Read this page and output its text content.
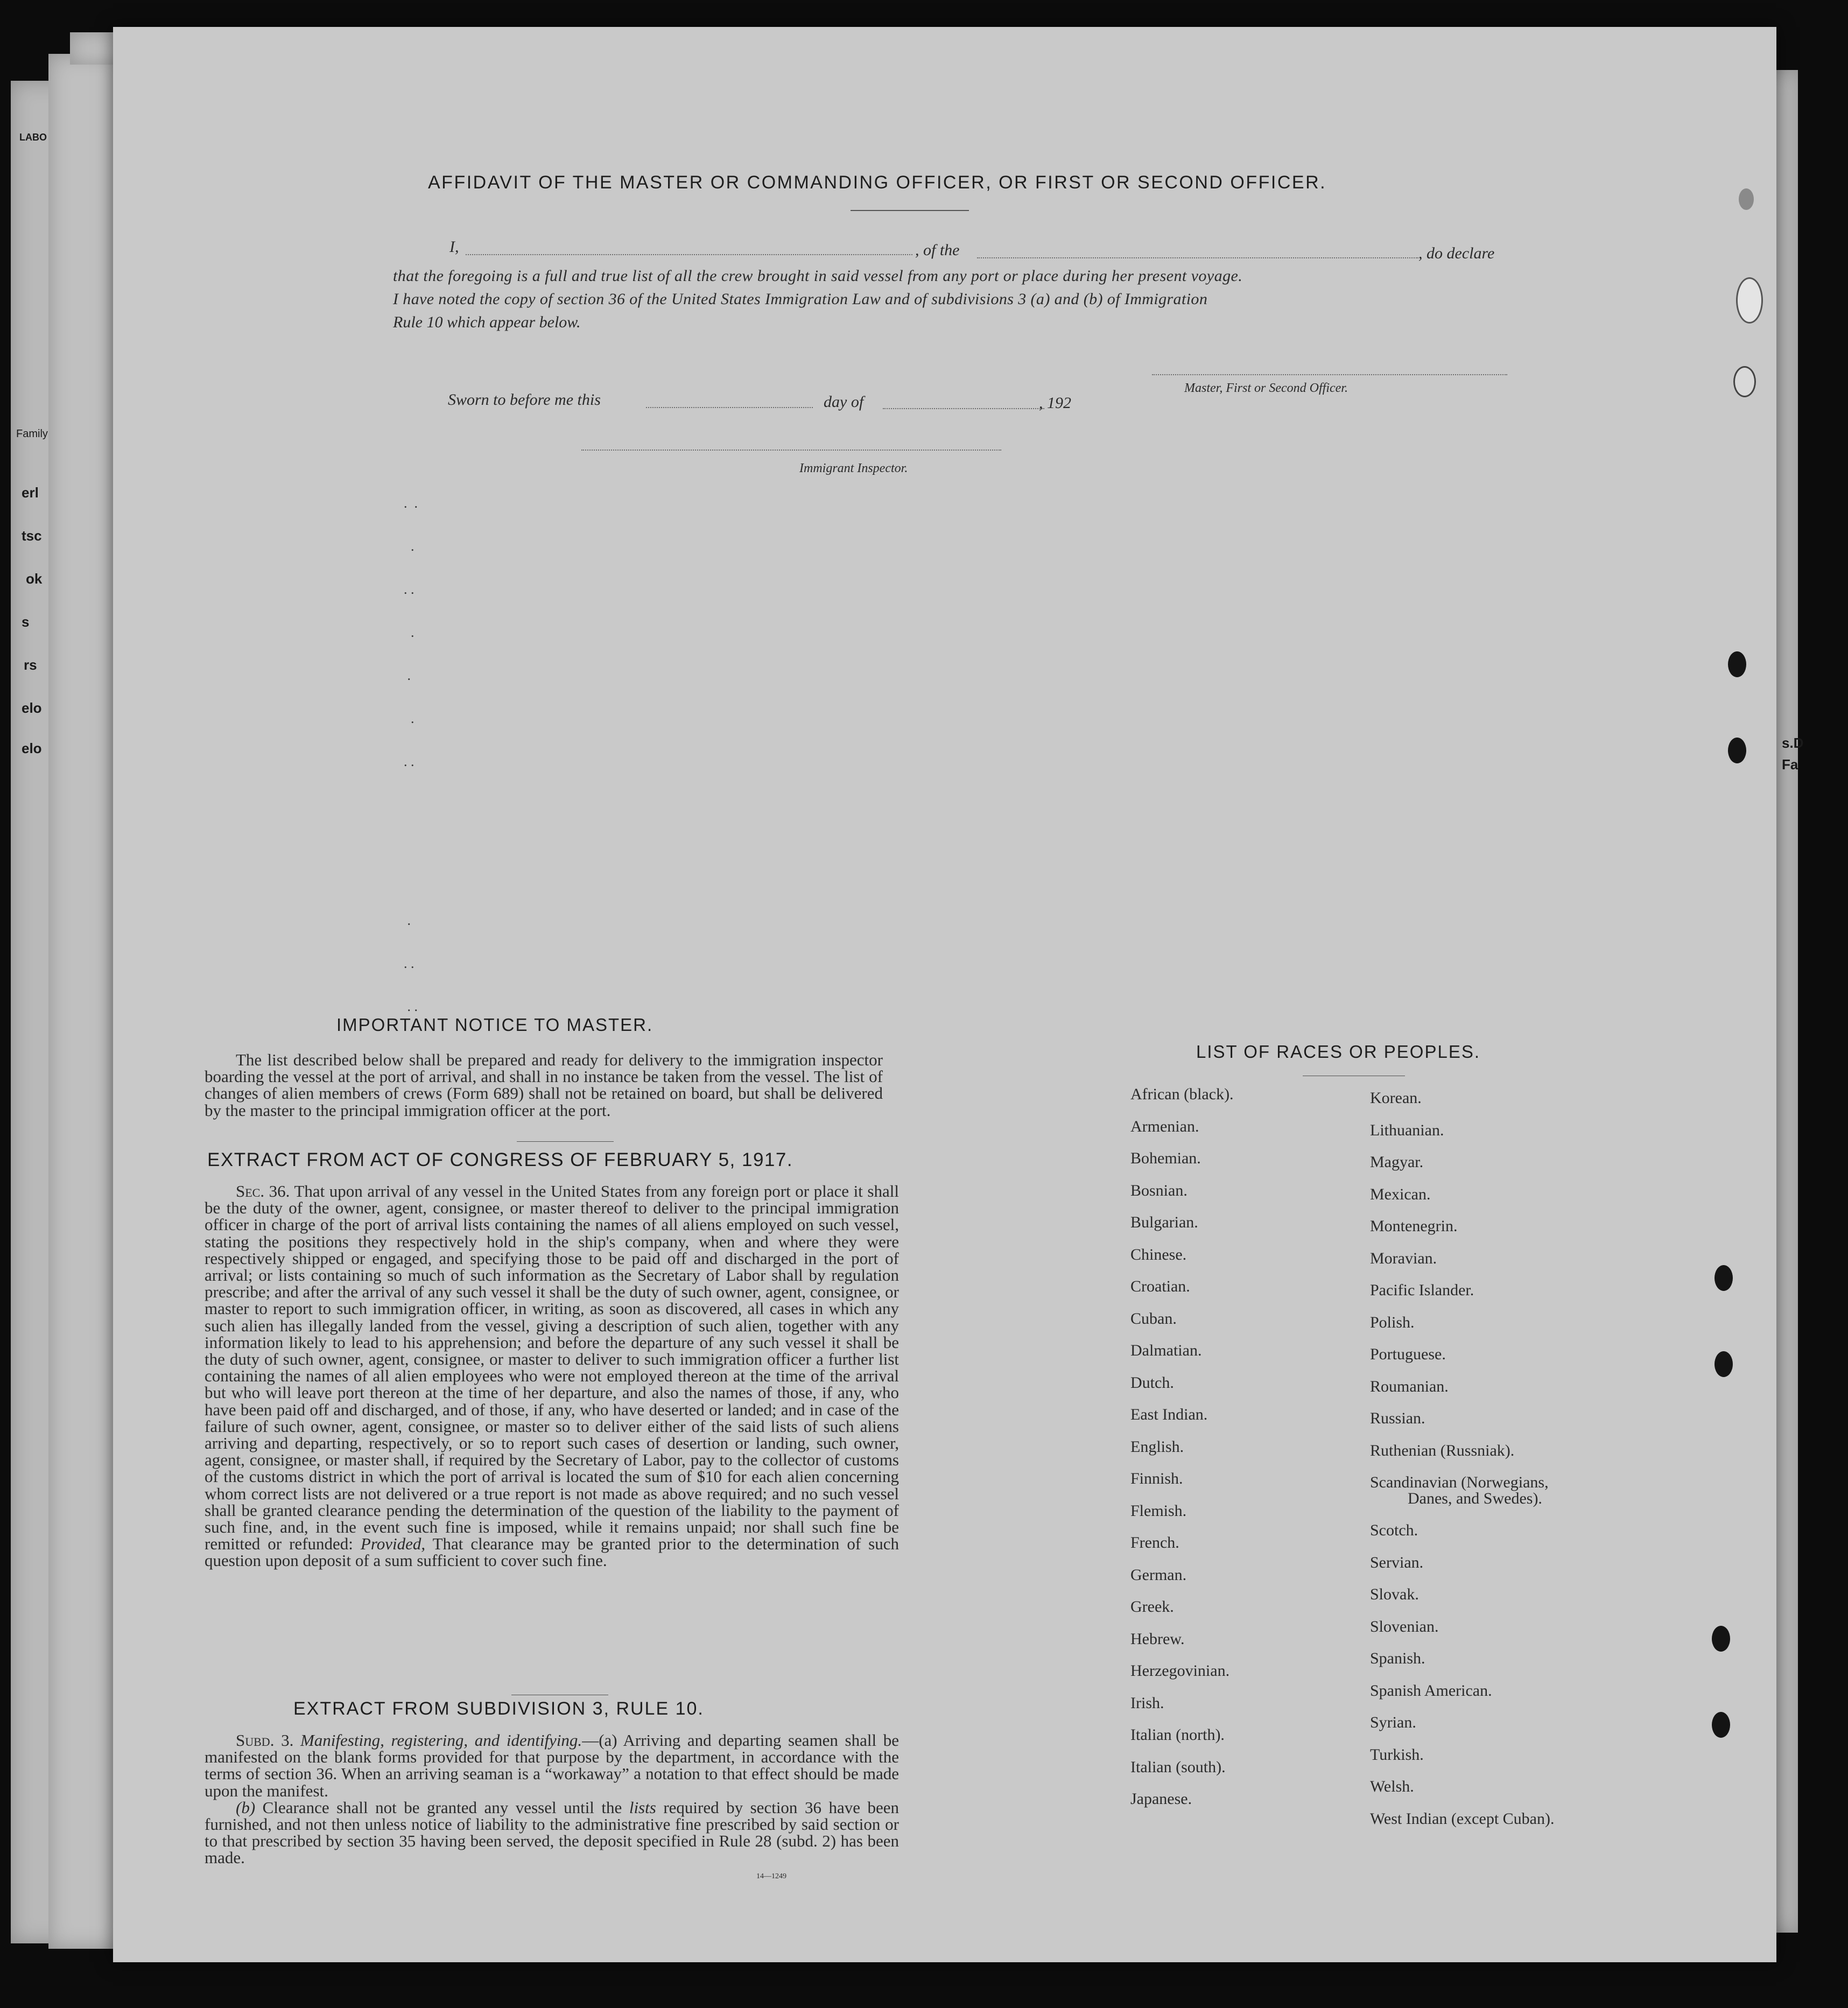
LABO
Family
erl
tsc
ok
s
rs
elo
elo	s.D
Fa
AFFIDAVIT OF THE MASTER OR COMMANDING OFFICER, OR FIRST OR SECOND OFFICER.
I,	, of the	, do declare
that the foregoing is a full and true list of all the crew brought in said vessel from any port or place during her present voyage.
I have noted the copy of section 36 of the United States Immigration Law and of subdivisions 3 (a) and (b) of Immigration
Rule 10 which appear below.
Master, First or Second Officer.
Sworn to before me this	day of	, 192
Immigrant Inspector.
.  .
.
. .
.
.
.
. .
.
. .
. .
IMPORTANT NOTICE TO MASTER.

The list described below shall be prepared and ready for delivery to the immigration inspector boarding the vessel at the port of arrival, and shall in no instance be taken from the vessel. The list of changes of alien members of crews (Form 689) shall not be retained on board, but shall be delivered by the master to the principal immigration officer at the port.

EXTRACT FROM ACT OF CONGRESS OF FEBRUARY 5, 1917.

Sec. 36. That upon arrival of any vessel in the United States from any foreign port or place it shall be the duty of the owner, agent, consignee, or master thereof to deliver to the principal immigration officer in charge of the port of arrival lists containing the names of all aliens employed on such vessel, stating the positions they respectively hold in the ship's company, when and where they were respectively shipped or engaged, and specifying those to be paid off and discharged in the port of arrival; or lists containing so much of such information as the Secretary of Labor shall by regulation prescribe; and after the arrival of any such vessel it shall be the duty of such owner, agent, consignee, or master to report to such immigration officer, in writing, as soon as discovered, all cases in which any such alien has illegally landed from the vessel, giving a description of such alien, together with any information likely to lead to his apprehension; and before the departure of any such vessel it shall be the duty of such owner, agent, consignee, or master to deliver to such immigration officer a further list containing the names of all alien employees who were not employed thereon at the time of the arrival but who will leave port thereon at the time of her departure, and also the names of those, if any, who have been paid off and discharged, and of those, if any, who have deserted or landed; and in case of the failure of such owner, agent, consignee, or master so to deliver either of the said lists of such aliens arriving and departing, respectively, or so to report such cases of desertion or landing, such owner, agent, consignee, or master shall, if required by the Secretary of Labor, pay to the collector of customs of the customs district in which the port of arrival is located the sum of $10 for each alien concerning whom correct lists are not delivered or a true report is not made as above required; and no such vessel shall be granted clearance pending the determination of the question of the liability to the payment of such fine, and, in the event such fine is imposed, while it remains unpaid; nor shall such fine be remitted or refunded: Provided, That clearance may be granted prior to the determination of such question upon deposit of a sum sufficient to cover such fine.

EXTRACT FROM SUBDIVISION 3, RULE 10.

Subd. 3. Manifesting, registering, and identifying.—(a) Arriving and departing seamen shall be manifested on the blank forms provided for that purpose by the department, in accordance with the terms of section 36. When an arriving seaman is a “workaway” a notation to that effect should be made upon the manifest.

(b) Clearance shall not be granted any vessel until the lists required by section 36 have been furnished, and not then unless notice of liability to the administrative fine prescribed by said section or to that prescribed by section 35 having been served, the deposit specified in Rule 28 (subd. 2) has been made.

14—1249
LIST OF RACES OR PEOPLES.
African (black).
Armenian.
Bohemian.
Bosnian.
Bulgarian.
Chinese.
Croatian.
Cuban.
Dalmatian.
Dutch.
East Indian.
English.
Finnish.
Flemish.
French.
German.
Greek.
Hebrew.
Herzegovinian.
Irish.
Italian (north).
Italian (south).
Japanese.
Korean.
Lithuanian.
Magyar.
Mexican.
Montenegrin.
Moravian.
Pacific Islander.
Polish.
Portuguese.
Roumanian.
Russian.
Ruthenian (Russniak).
Scandinavian (Norwegians,
Danes, and Swedes).
Scotch.
Servian.
Slovak.
Slovenian.
Spanish.
Spanish American.
Syrian.
Turkish.
Welsh.
West Indian (except Cuban).
